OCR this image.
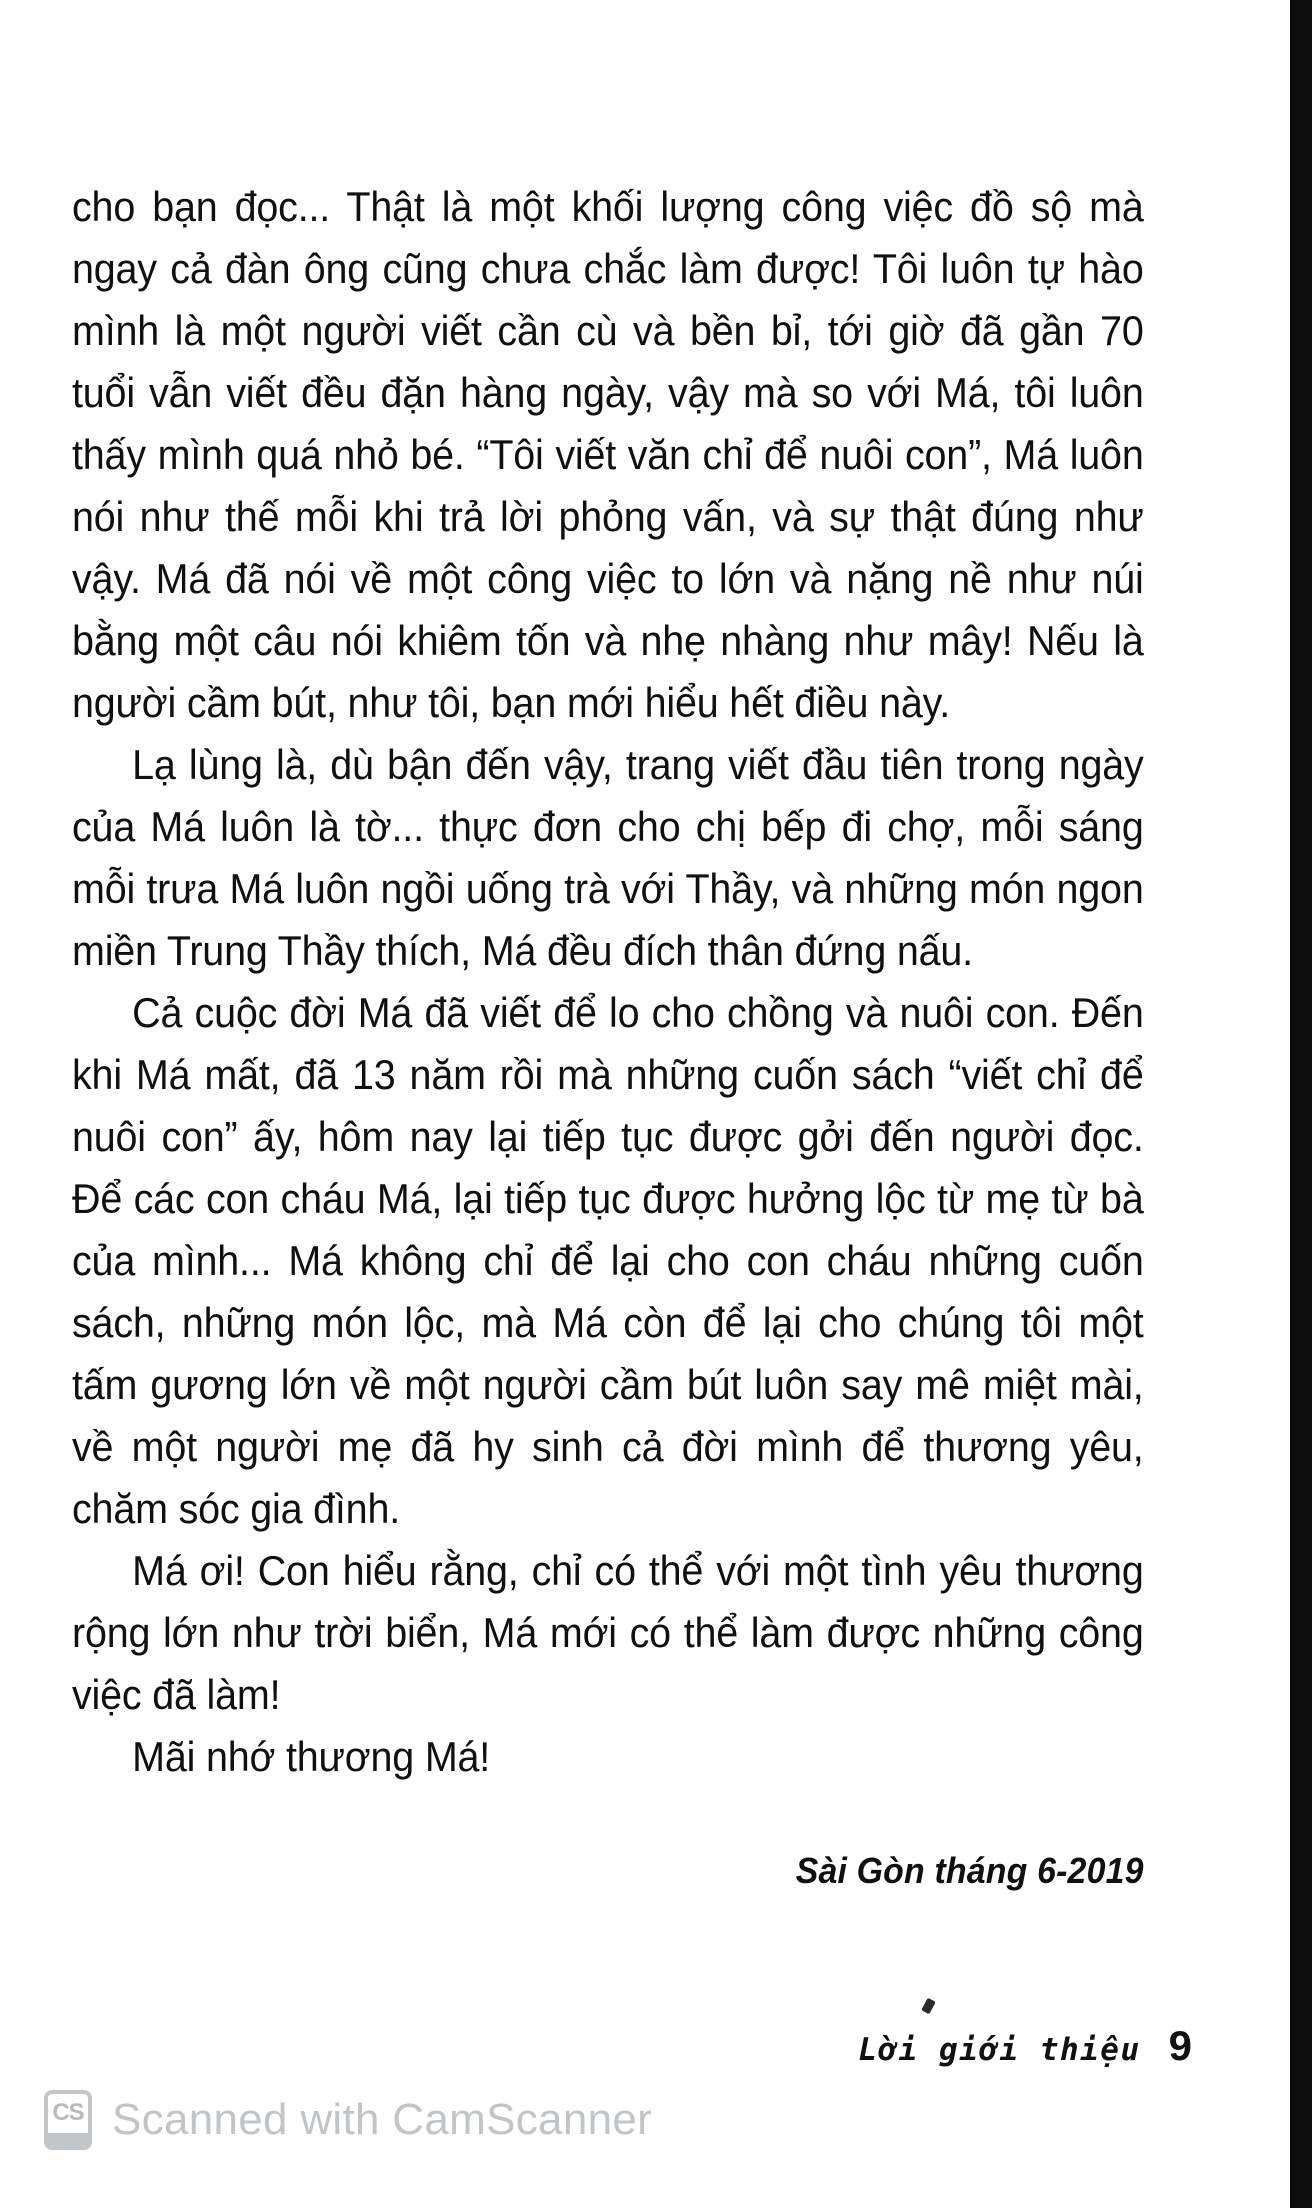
cho bạn đọc... Thật là một khối lượng công việc đồ sộ mà ngay cả đàn ông cũng chưa chắc làm được! Tôi luôn tự hào mình là một người viết cần cù và bền bỉ, tới giờ đã gần 70 tuổi vẫn viết đều đặn hàng ngày, vậy mà so với Má, tôi luôn thấy mình quá nhỏ bé. “Tôi viết văn chỉ để nuôi con”, Má luôn nói như thế mỗi khi trả lời phỏng vấn, và sự thật đúng như vậy. Má đã nói về một công việc to lớn và nặng nề như núi bằng một câu nói khiêm tốn và nhẹ nhàng như mây! Nếu là người cầm bút, như tôi, bạn mới hiểu hết điều này.

Lạ lùng là, dù bận đến vậy, trang viết đầu tiên trong ngày của Má luôn là tờ... thực đơn cho chị bếp đi chợ, mỗi sáng mỗi trưa Má luôn ngồi uống trà với Thầy, và những món ngon miền Trung Thầy thích, Má đều đích thân đứng nấu.

Cả cuộc đời Má đã viết để lo cho chồng và nuôi con. Đến khi Má mất, đã 13 năm rồi mà những cuốn sách “viết chỉ để nuôi con” ấy, hôm nay lại tiếp tục được gởi đến người đọc. Để các con cháu Má, lại tiếp tục được hưởng lộc từ mẹ từ bà của mình... Má không chỉ để lại cho con cháu những cuốn sách, những món lộc, mà Má còn để lại cho chúng tôi một tấm gương lớn về một người cầm bút luôn say mê miệt mài, về một người mẹ đã hy sinh cả đời mình để thương yêu, chăm sóc gia đình.

Má ơi! Con hiểu rằng, chỉ có thể với một tình yêu thương rộng lớn như trời biển, Má mới có thể làm được những công việc đã làm!

Mãi nhớ thương Má!

Sài Gòn tháng 6-2019
Lời giới thiệu 9
CS Scanned with CamScanner
